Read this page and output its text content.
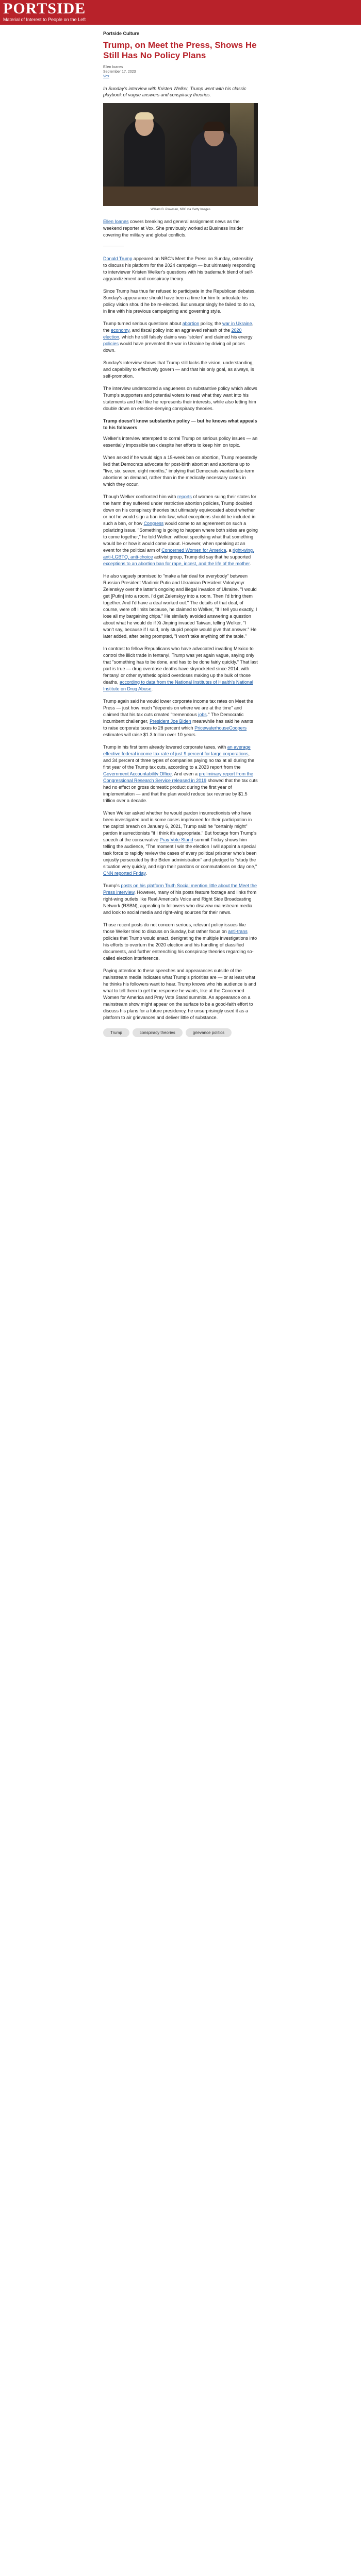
PORTSIDE
Material of Interest to People on the Left
Portside Culture
Trump, on Meet the Press, Shows He Still Has No Policy Plans
Ellen Ioanes
September 17, 2023
Vox
In Sunday's interview with Kristen Welker, Trump went with his classic playbook of vague answers and conspiracy theories.
William B. Plowman, NBC via Getty Images
Ellen Ioanes covers breaking and general assignment news as the weekend reporter at Vox. She previously worked at Business Insider covering the military and global conflicts.

Donald Trump appeared on NBC's Meet the Press on Sunday, ostensibly to discuss his platform for the 2024 campaign — but ultimately responding to interviewer Kristen Welker's questions with his trademark blend of self-aggrandizement and conspiracy theory.

Since Trump has thus far refused to participate in the Republican debates, Sunday's appearance should have been a time for him to articulate his policy vision should he be re-elected. But unsurprisingly he failed to do so, in line with his previous campaigning and governing style.

Trump turned serious questions about abortion policy, the war in Ukraine, the economy, and fiscal policy into an aggrieved rehash of the 2020 election, which he still falsely claims was "stolen" and claimed his energy policies would have prevented the war in Ukraine by driving oil prices down.

Sunday's interview shows that Trump still lacks the vision, understanding, and capability to effectively govern — and that his only goal, as always, is self-promotion.

The interview underscored a vagueness on substantive policy which allows Trump's supporters and potential voters to read what they want into his statements and feel like he represents their interests, while also letting him double down on election-denying conspiracy theories.

Trump doesn't know substantive policy — but he knows what appeals to his followers

Welker's interview attempted to corral Trump on serious policy issues — an essentially impossible task despite her efforts to keep him on topic.

When asked if he would sign a 15-week ban on abortion, Trump repeatedly lied that Democrats advocate for post-birth abortion and abortions up to "five, six, seven, eight months," implying that Democrats wanted late-term abortions on demand, rather than in the medically necessary cases in which they occur.

Though Welker confronted him with reports of women suing their states for the harm they suffered under restrictive abortion policies, Trump doubled down on his conspiracy theories but ultimately equivocated about whether or not he would sign a ban into law; what exceptions should be included in such a ban, or how Congress would come to an agreement on such a polarizing issue. "Something is going to happen where both sides are going to come together," he told Welker, without specifying what that something would be or how it would come about. However, when speaking at an event for the political arm of Concerned Women for America, a right-wing, anti-LGBTQ, anti-choice activist group, Trump did say that he supported exceptions to an abortion ban for rape, incest, and the life of the mother.

He also vaguely promised to "make a fair deal for everybody" between Russian President Vladimir Putin and Ukrainian President Volodymyr Zelenskyy over the latter's ongoing and illegal invasion of Ukraine. "I would get [Putin] into a room. I'd get Zelenskyy into a room. Then I'd bring them together. And I'd have a deal worked out." The details of that deal, of course, were off limits because, he claimed to Welker, "If I tell you exactly, I lose all my bargaining chips." He similarly avoided answering a question about what he would do if Xi Jinping invaded Taiwan, telling Welker, "I won't say, because if I said, only stupid people would give that answer." He later added, after being prompted, "I won't take anything off the table."

In contrast to fellow Republicans who have advocated invading Mexico to control the illicit trade in fentanyl, Trump was yet again vague, saying only that "something has to be done, and has to be done fairly quickly." That last part is true — drug overdose deaths have skyrocketed since 2014, with fentanyl or other synthetic opioid overdoses making up the bulk of those deaths, according to data from the National Institutes of Health's National Institute on Drug Abuse.

Trump again said he would lower corporate income tax rates on Meet the Press — just how much "depends on where we are at the time" and claimed that his tax cuts created "tremendous jobs." The Democratic incumbent challenger, President Joe Biden meanwhile has said he wants to raise corporate taxes to 28 percent which PricewaterhouseCoopers estimates will raise $1.3 trillion over 10 years.

Trump in his first term already lowered corporate taxes, with an average effective federal income tax rate of just 9 percent for large corporations, and 34 percent of three types of companies paying no tax at all during the first year of the Trump tax cuts, according to a 2023 report from the Government Accountability Office. And even a preliminary report from the Congressional Research Service released in 2019 showed that the tax cuts had no effect on gross domestic product during the first year of implementation — and that the plan would reduce tax revenue by $1.5 trillion over a decade.

When Welker asked whether he would pardon insurrectionists who have been investigated and in some cases imprisoned for their participation in the capitol breach on January 6, 2021, Trump said he "certainly might" pardon insurrectionists "if I think it's appropriate." But footage from Trump's speech at the conservative Pray Vote Stand summit Friday shows him telling the audience, "The moment I win the election I will appoint a special task force to rapidly review the cases of every political prisoner who's been unjustly persecuted by the Biden administration" and pledged to "study the situation very quickly, and sign their pardons or commutations on day one," CNN reported Friday.

Trump's posts on his platform Truth Social mention little about the Meet the Press interview. However, many of his posts feature footage and links from right-wing outlets like Real America's Voice and Right Side Broadcasting Network (RSBN), appealing to followers who disavow mainstream media and look to social media and right-wing sources for their news.

Those recent posts do not concern serious, relevant policy issues like those Welker tried to discuss on Sunday, but rather focus on anti-trans policies that Trump would enact, denigrating the multiple investigations into his efforts to overturn the 2020 election and his handling of classified documents, and further entrenching his conspiracy theories regarding so-called election interference.

Paying attention to these speeches and appearances outside of the mainstream media indicates what Trump's priorities are — or at least what he thinks his followers want to hear. Trump knows who his audience is and what to tell them to get the response he wants, like at the Concerned Women for America and Pray Vote Stand summits. An appearance on a mainstream show might appear on the surface to be a good-faith effort to discuss his plans for a future presidency, he unsurprisingly used it as a platform to air grievances and deliver little of substance.

Trump	conspiracy theories	grievance politics
